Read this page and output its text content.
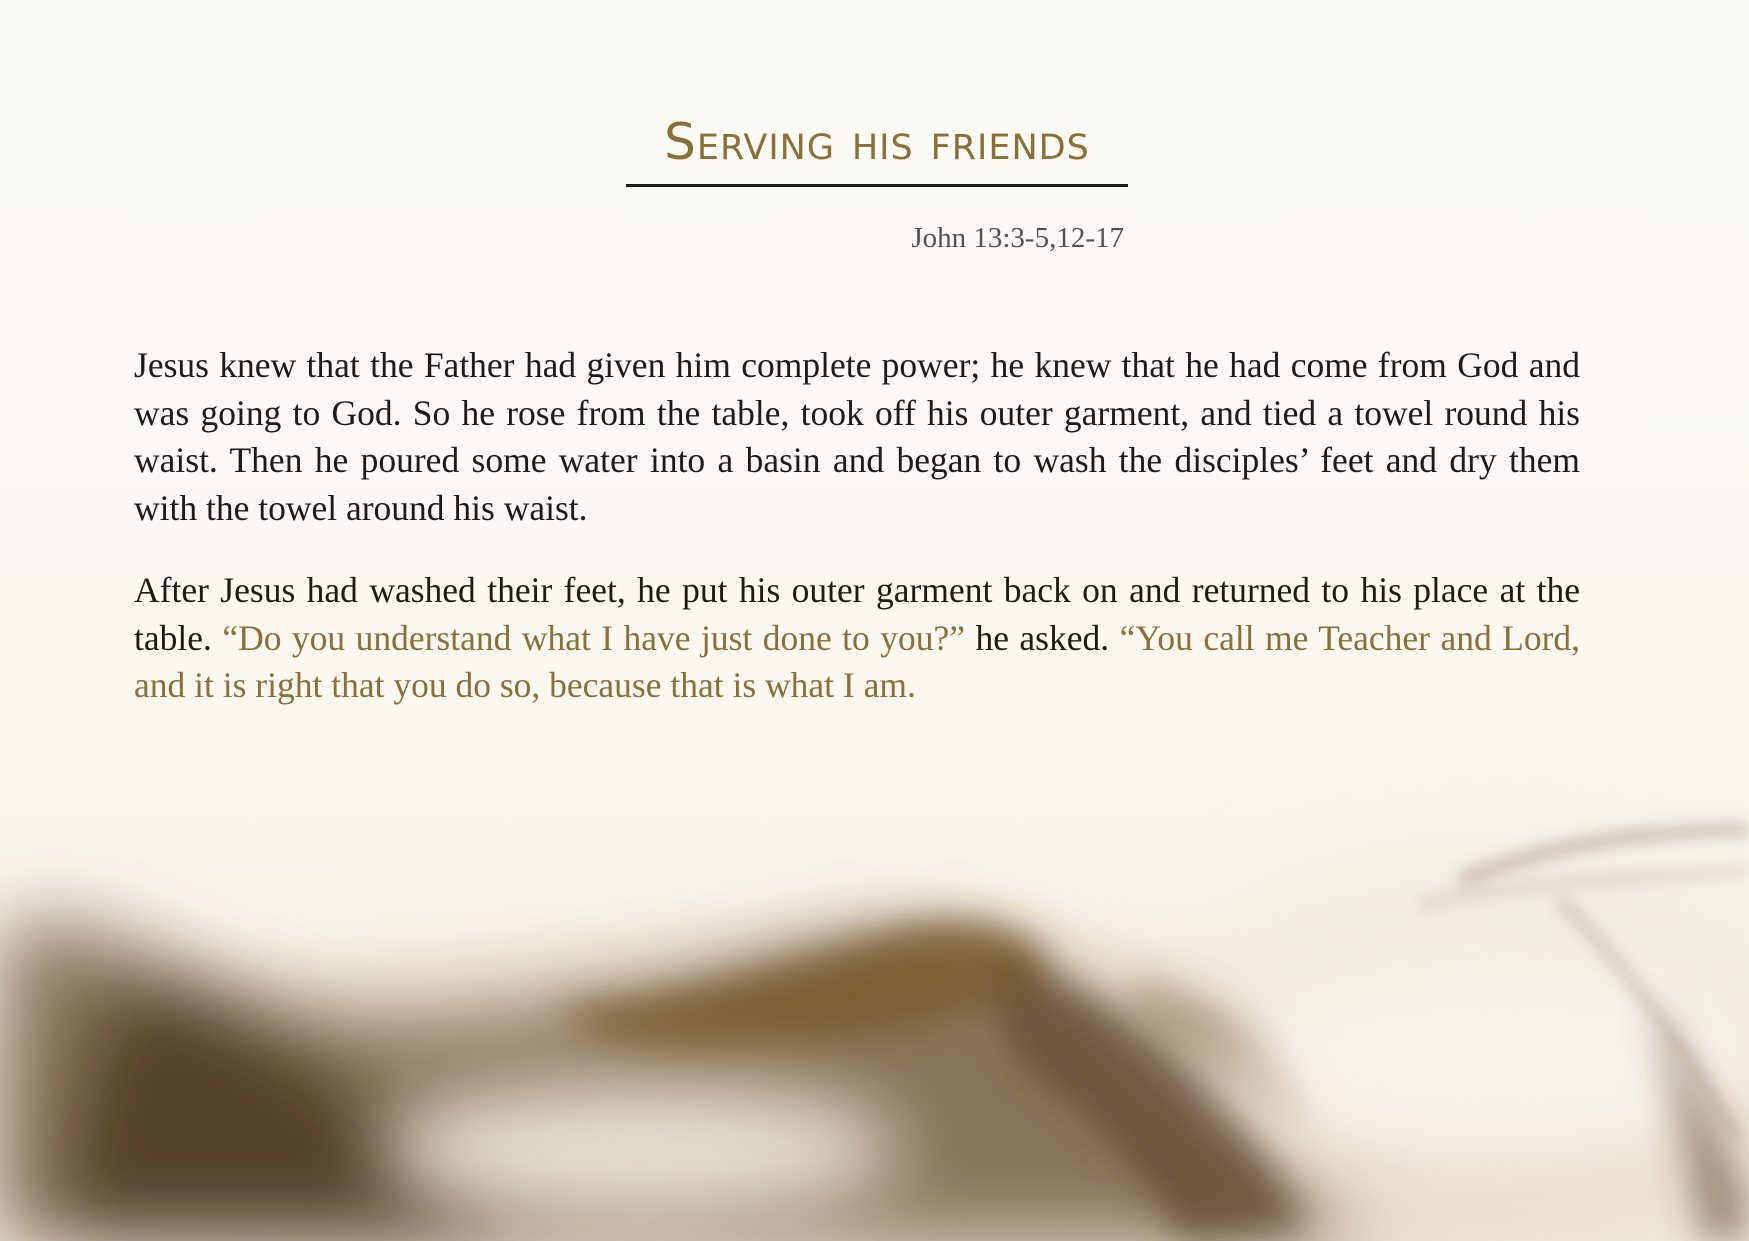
Serving his friends
John 13:3-5,12-17

Jesus knew that the Father had given him complete power; he knew that he had come from God and was going to God. So he rose from the table, took off his outer garment, and tied a towel round his waist. Then he poured some water into a basin and began to wash the disciples’ feet and dry them with the towel around his waist.

After Jesus had washed their feet, he put his outer garment back on and returned to his place at the table. “Do you understand what I have just done to you?” he asked. “You call me Teacher and Lord, and it is right that you do so, because that is what I am.
